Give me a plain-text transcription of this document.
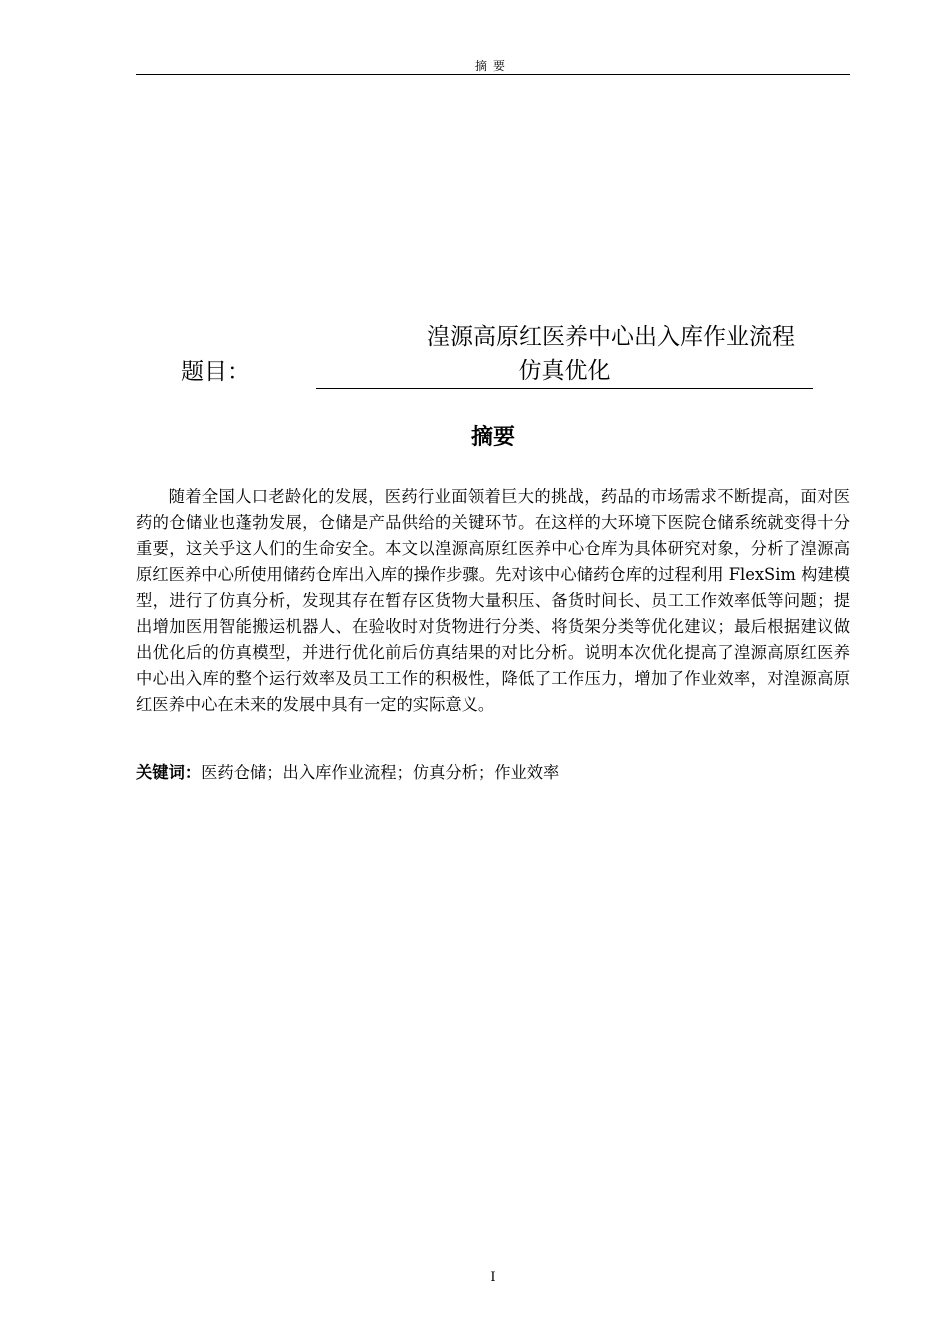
摘要
题目：
湟源高原红医养中心出入库作业流程
仿真优化
摘要

随着全国人口老龄化的发展，医药行业面领着巨大的挑战，药品的市场需求不断提高，面对医药的仓储业也蓬勃发展，仓储是产品供给的关键环节。在这样的大环境下医院仓储系统就变得十分重要，这关乎这人们的生命安全。本文以湟源高原红医养中心仓库为具体研究对象，分析了湟源高原红医养中心所使用储药仓库出入库的操作步骤。先对该中心储药仓库的过程利用 FlexSim 构建模型，进行了仿真分析，发现其存在暂存区货物大量积压、备货时间长、员工工作效率低等问题；提出增加医用智能搬运机器人、在验收时对货物进行分类、将货架分类等优化建议；最后根据建议做出优化后的仿真模型，并进行优化前后仿真结果的对比分析。说明本次优化提高了湟源高原红医养中心出入库的整个运行效率及员工工作的积极性，降低了工作压力，增加了作业效率，对湟源高原红医养中心在未来的发展中具有一定的实际意义。

关键词：医药仓储；出入库作业流程；仿真分析；作业效率
I
